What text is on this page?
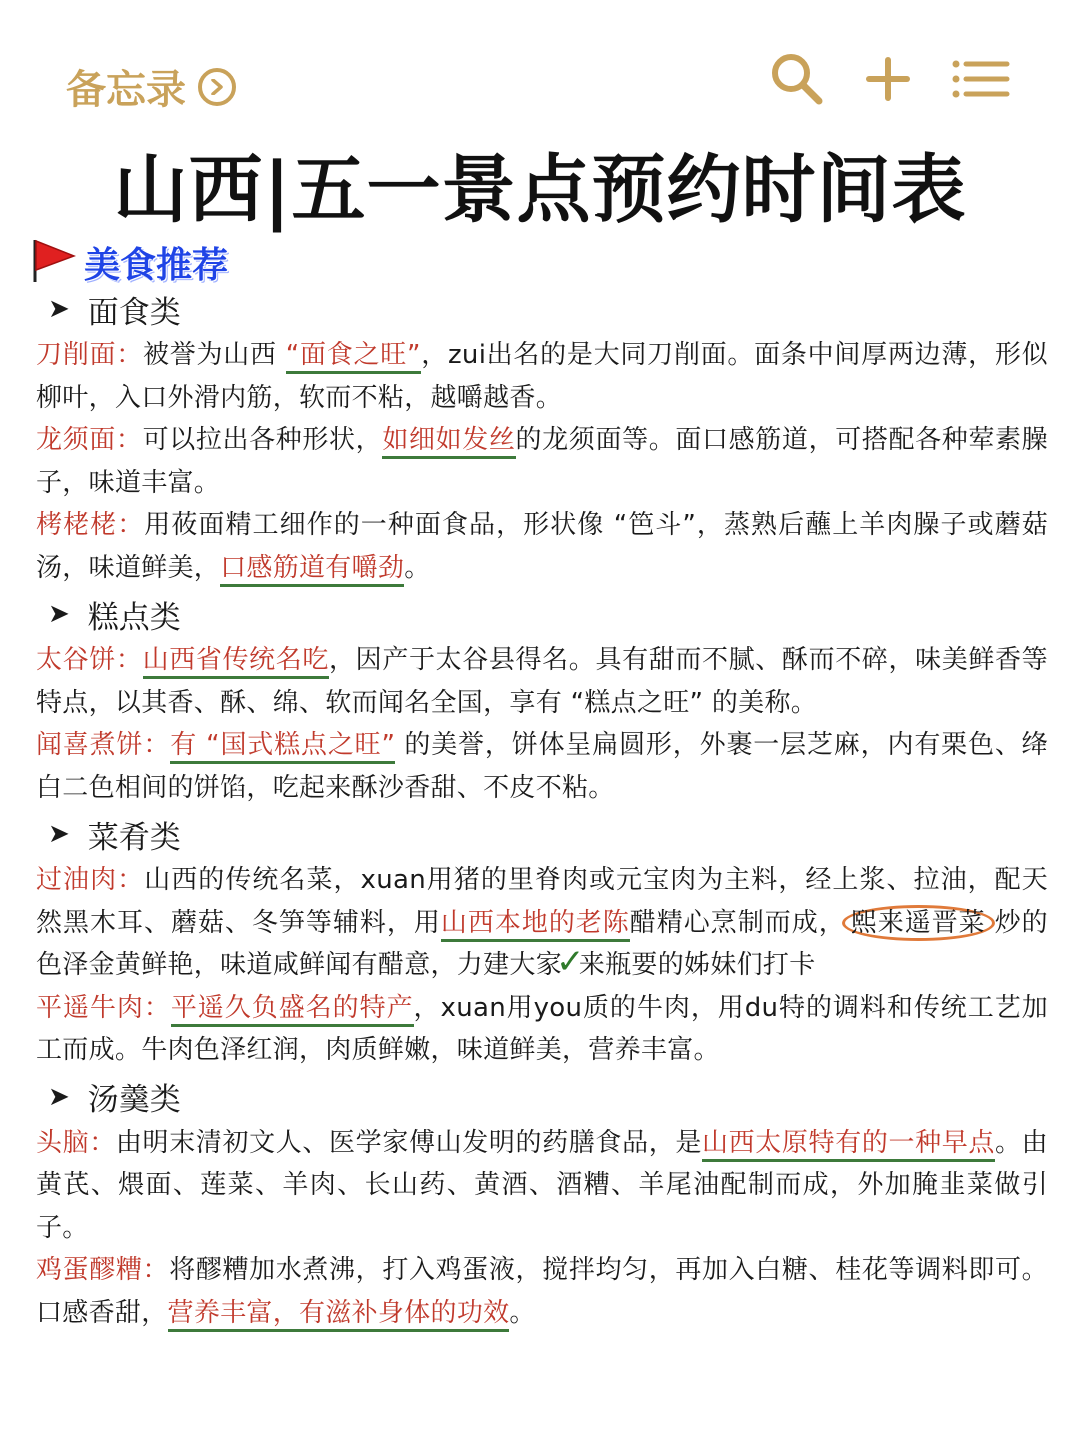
备忘录
山西|五一景点预约时间表
美食推荐
➤ 面食类

刀削面：被誉为山西 “面食之旺”，zui出名的是大同刀削面。面条中间厚两边薄，形似柳叶，入口外滑内筋，软而不粘，越嚼越香。

龙须面：可以拉出各种形状，如细如发丝的龙须面等。面口感筋道，可搭配各种荤素臊子，味道丰富。

栲栳栳：用莜面精工细作的一种面食品，形状像 “笆斗”，蒸熟后蘸上羊肉臊子或蘑菇汤，味道鲜美，口感筋道有嚼劲。

➤ 糕点类

太谷饼：山西省传统名吃，因产于太谷县得名。具有甜而不腻、酥而不碎，味美鲜香等特点，以其香、酥、绵、软而闻名全国，享有 “糕点之旺” 的美称。

闻喜煮饼：有 “国式糕点之旺” 的美誉，饼体呈扁圆形，外裹一层芝麻，内有栗色、绛白二色相间的饼馅，吃起来酥沙香甜、不皮不粘。

➤ 菜肴类

过油肉：山西的传统名菜，xuan用猪的里脊肉或元宝肉为主料，经上浆、拉油，配天然黑木耳、蘑菇、冬笋等辅料，用山西本地的老陈醋精心烹制而成， 熙来遥晋菜 炒的色泽金黄鲜艳，味道咸鲜闻有醋意，力建大家✓来瓶要的姊妹们打卡

平遥牛肉：平遥久负盛名的特产，xuan用you质的牛肉，用du特的调料和传统工艺加工而成。牛肉色泽红润，肉质鲜嫩，味道鲜美，营养丰富。

➤ 汤羹类

头脑：由明末清初文人、医学家傅山发明的药膳食品，是山西太原特有的一种早点。由黄芪、煨面、莲菜、羊肉、长山药、黄酒、酒糟、羊尾油配制而成，外加腌韭菜做引子。

鸡蛋醪糟：将醪糟加水煮沸，打入鸡蛋液，搅拌均匀，再加入白糖、桂花等调料即可。口感香甜，营养丰富，有滋补身体的功效。
